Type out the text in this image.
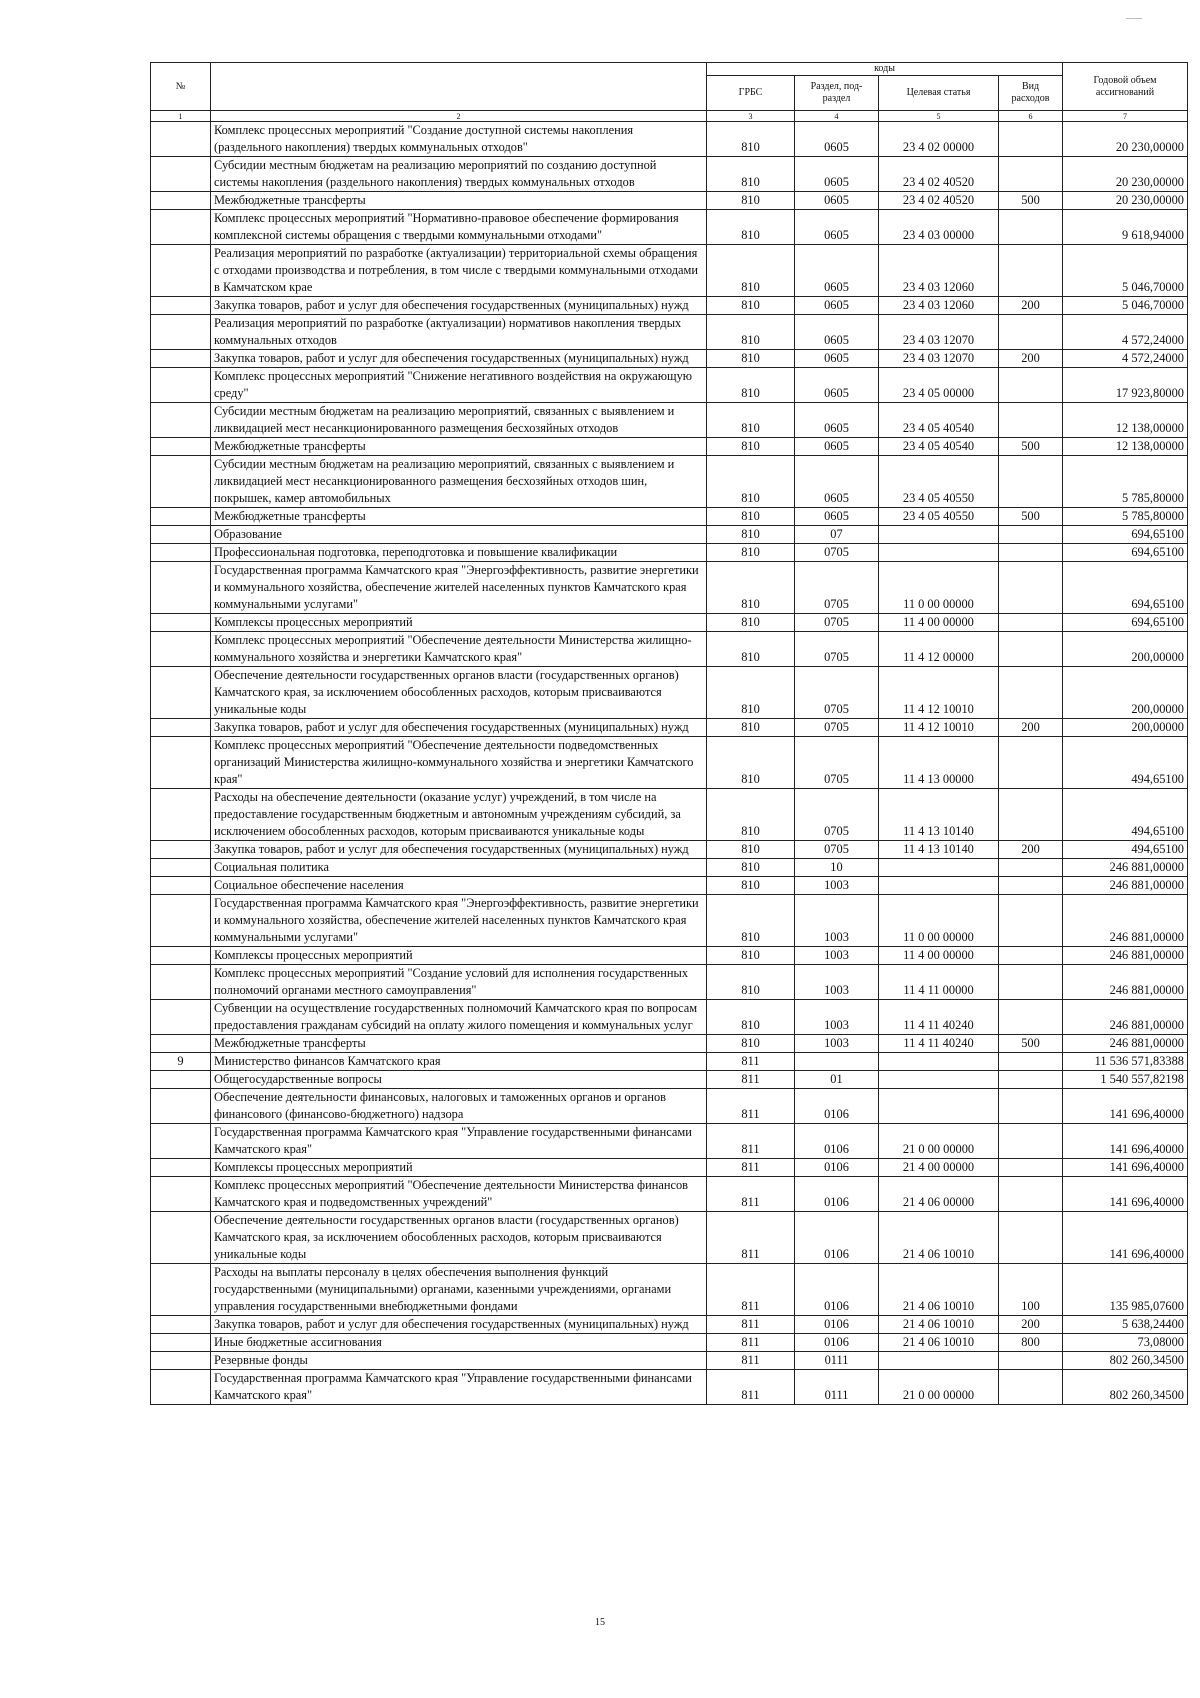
№		коды				Годовой объем ассигнований
		ГРБС	Раздел, под-раздел	Целевая статья	Вид расходов	
1	2	3	4	5	6	7
	Комплекс процессных мероприятий "Создание доступной системы накопления (раздельного накопления) твердых коммунальных отходов"	810	0605	23 4 02 00000		20 230,00000
	Субсидии местным бюджетам на реализацию мероприятий по созданию доступной системы накопления (раздельного накопления) твердых коммунальных отходов	810	0605	23 4 02 40520		20 230,00000
	Межбюджетные трансферты	810	0605	23 4 02 40520	500	20 230,00000
	Комплекс процессных мероприятий "Нормативно-правовое обеспечение формирования комплексной системы обращения с твердыми коммунальными отходами"	810	0605	23 4 03 00000		9 618,94000
	Реализация мероприятий по разработке (актуализации) территориальной схемы обращения с отходами производства и потребления, в том числе с твердыми коммунальными отходами в Камчатском крае	810	0605	23 4 03 12060		5 046,70000
	Закупка товаров, работ и услуг для обеспечения государственных (муниципальных) нужд	810	0605	23 4 03 12060	200	5 046,70000
	Реализация мероприятий по разработке (актуализации) нормативов накопления твердых коммунальных отходов	810	0605	23 4 03 12070		4 572,24000
	Закупка товаров, работ и услуг для обеспечения государственных (муниципальных) нужд	810	0605	23 4 03 12070	200	4 572,24000
	Комплекс процессных мероприятий "Снижение негативного воздействия на окружающую среду"	810	0605	23 4 05 00000		17 923,80000
	Субсидии местным бюджетам на реализацию мероприятий, связанных с выявлением и ликвидацией мест несанкционированного размещения бесхозяйных отходов	810	0605	23 4 05 40540		12 138,00000
	Межбюджетные трансферты	810	0605	23 4 05 40540	500	12 138,00000
	Субсидии местным бюджетам на реализацию мероприятий, связанных с выявлением и ликвидацией мест несанкционированного размещения бесхозяйных отходов шин, покрышек, камер автомобильных	810	0605	23 4 05 40550		5 785,80000
	Межбюджетные трансферты	810	0605	23 4 05 40550	500	5 785,80000
	Образование	810	07			694,65100
	Профессиональная подготовка, переподготовка и повышение квалификации	810	0705			694,65100
	Государственная программа Камчатского края "Энергоэффективность, развитие энергетики и коммунального хозяйства, обеспечение жителей населенных пунктов Камчатского края коммунальными услугами"	810	0705	11 0 00 00000		694,65100
	Комплексы процессных мероприятий	810	0705	11 4 00 00000		694,65100
	Комплекс процессных мероприятий "Обеспечение деятельности Министерства жилищно-коммунального хозяйства и энергетики Камчатского края"	810	0705	11 4 12 00000		200,00000
	Обеспечение деятельности государственных органов власти (государственных органов) Камчатского края, за исключением обособленных расходов, которым присваиваются уникальные коды	810	0705	11 4 12 10010		200,00000
	Закупка товаров, работ и услуг для обеспечения государственных (муниципальных) нужд	810	0705	11 4 12 10010	200	200,00000
	Комплекс процессных мероприятий "Обеспечение деятельности подведомственных организаций Министерства жилищно-коммунального хозяйства и энергетики Камчатского края"	810	0705	11 4 13 00000		494,65100
	Расходы на обеспечение деятельности (оказание услуг) учреждений, в том числе на предоставление государственным бюджетным и автономным учреждениям субсидий, за исключением обособленных расходов, которым присваиваются уникальные коды	810	0705	11 4 13 10140		494,65100
	Закупка товаров, работ и услуг для обеспечения государственных (муниципальных) нужд	810	0705	11 4 13 10140	200	494,65100
	Социальная политика	810	10			246 881,00000
	Социальное обеспечение населения	810	1003			246 881,00000
	Государственная программа Камчатского края "Энергоэффективность, развитие энергетики и коммунального хозяйства, обеспечение жителей населенных пунктов Камчатского края коммунальными услугами"	810	1003	11 0 00 00000		246 881,00000
	Комплексы процессных мероприятий	810	1003	11 4 00 00000		246 881,00000
	Комплекс процессных мероприятий "Создание условий для исполнения государственных полномочий органами местного самоуправления"	810	1003	11 4 11 00000		246 881,00000
	Субвенции на осуществление государственных полномочий Камчатского края по вопросам предоставления гражданам субсидий на оплату жилого помещения и коммунальных услуг	810	1003	11 4 11 40240		246 881,00000
	Межбюджетные трансферты	810	1003	11 4 11 40240	500	246 881,00000
9	Министерство финансов Камчатского края	811				11 536 571,83388
	Общегосударственные вопросы	811	01			1 540 557,82198
	Обеспечение деятельности финансовых, налоговых и таможенных органов и органов финансового (финансово-бюджетного) надзора	811	0106			141 696,40000
	Государственная программа Камчатского края "Управление государственными финансами Камчатского края"	811	0106	21 0 00 00000		141 696,40000
	Комплексы процессных мероприятий	811	0106	21 4 00 00000		141 696,40000
	Комплекс процессных мероприятий "Обеспечение деятельности Министерства финансов Камчатского края и подведомственных учреждений"	811	0106	21 4 06 00000		141 696,40000
	Обеспечение деятельности государственных органов власти (государственных органов) Камчатского края, за исключением обособленных расходов, которым присваиваются уникальные коды	811	0106	21 4 06 10010		141 696,40000
	Расходы на выплаты персоналу в целях обеспечения выполнения функций государственными (муниципальными) органами, казенными учреждениями, органами управления государственными внебюджетными фондами	811	0106	21 4 06 10010	100	135 985,07600
	Закупка товаров, работ и услуг для обеспечения государственных (муниципальных) нужд	811	0106	21 4 06 10010	200	5 638,24400
	Иные бюджетные ассигнования	811	0106	21 4 06 10010	800	73,08000
	Резервные фонды	811	0111			802 260,34500
	Государственная программа Камчатского края "Управление государственными финансами Камчатского края"	811	0111	21 0 00 00000		802 260,34500
15
